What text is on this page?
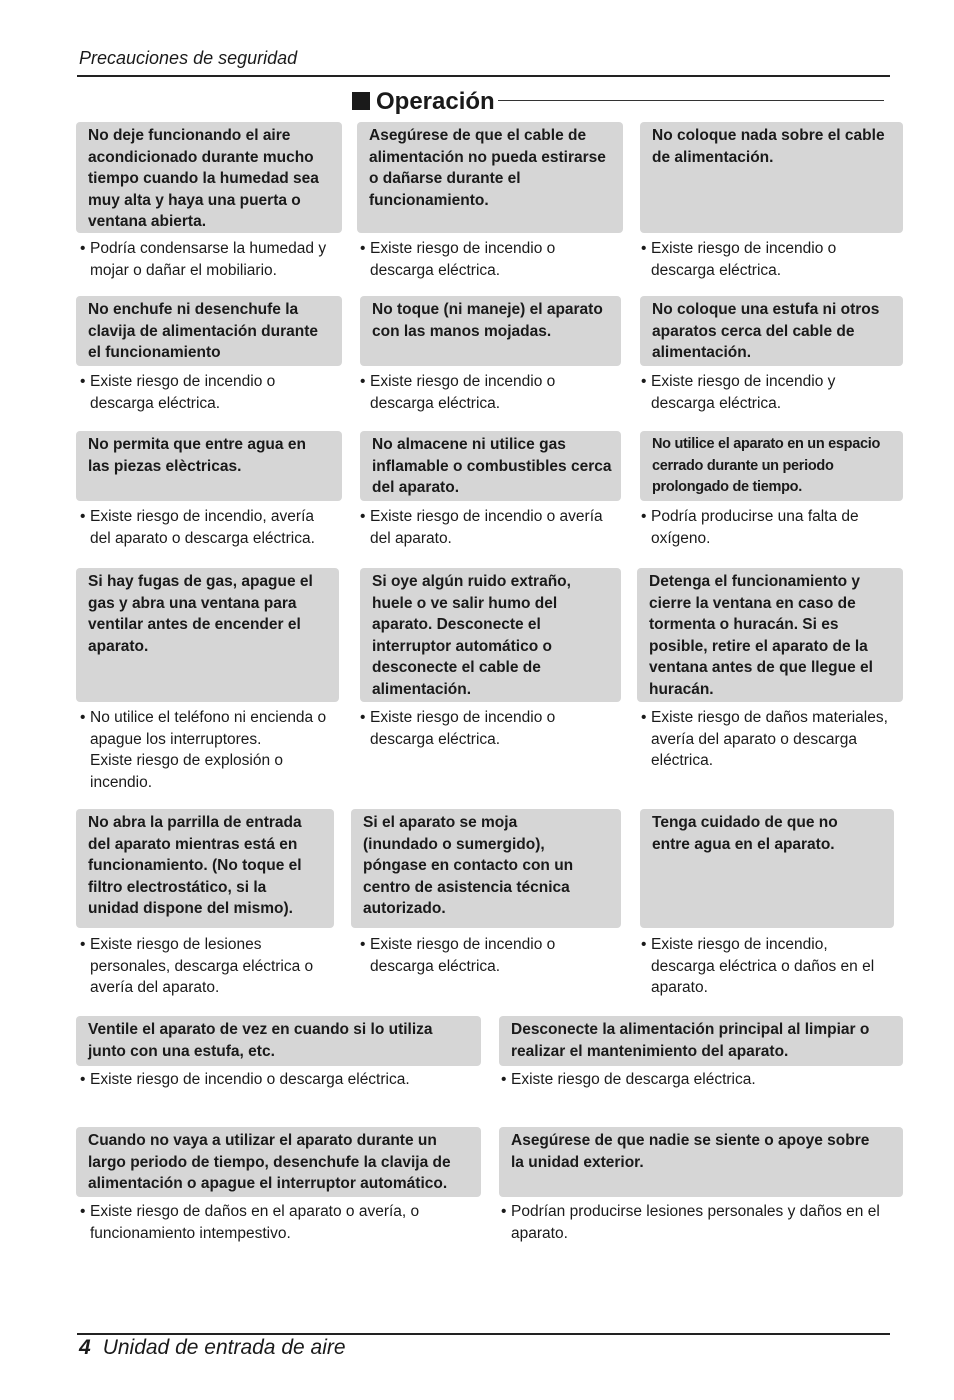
Precauciones de seguridad
Operación
No deje funcionando el aire
acondicionado durante mucho
tiempo cuando la humedad sea
muy alta y haya una puerta o
ventana abierta.
• Podría condensarse la humedad y
mojar o dañar el mobiliario.
Asegúrese de que el cable de
alimentación no pueda estirarse
o dañarse durante el
funcionamiento.
• Existe riesgo de incendio o
descarga eléctrica.
No coloque nada sobre el cable
de alimentación.
• Existe riesgo de incendio o
descarga eléctrica.
No enchufe ni desenchufe la
clavija de alimentación durante
el funcionamiento
• Existe riesgo de incendio o
descarga eléctrica.
No toque (ni maneje) el aparato
con las manos mojadas.
• Existe riesgo de incendio o
descarga eléctrica.
No coloque una estufa ni otros
aparatos cerca del cable de
alimentación.
• Existe riesgo de incendio y
descarga eléctrica.
No permita que entre agua en
las piezas elèctricas.
• Existe riesgo de incendio, avería
del aparato o descarga eléctrica.
No almacene ni utilice gas
inflamable o combustibles cerca
del aparato.
• Existe riesgo de incendio o avería
del aparato.
No utilice el aparato en un espacio
cerrado durante un periodo
prolongado de tiempo.
• Podría producirse una falta de
oxígeno.
Si hay fugas de gas, apague el
gas y abra una ventana para
ventilar antes de encender el
aparato.
• No utilice el teléfono ni encienda o
apague los interruptores.
Existe riesgo de explosión o
incendio.
Si oye algún ruido extraño,
huele o ve salir humo del
aparato. Desconecte el
interruptor automático o
desconecte el cable de
alimentación.
• Existe riesgo de incendio o
descarga eléctrica.
Detenga el funcionamiento y
cierre la ventana en caso de
tormenta o huracán. Si es
posible, retire el aparato de la
ventana antes de que llegue el
huracán.
• Existe riesgo de daños materiales,
avería del aparato o descarga
eléctrica.
No abra la parrilla de entrada
del aparato mientras está en
funcionamiento. (No toque el
filtro electrostático, si la
unidad dispone del mismo).
• Existe riesgo de lesiones
personales, descarga eléctrica o
avería del aparato.
Si el aparato se moja
(inundado o sumergido),
póngase en contacto con un
centro de asistencia técnica
autorizado.
• Existe riesgo de incendio o
descarga eléctrica.
Tenga cuidado de que no
entre agua en el aparato.
• Existe riesgo de incendio,
descarga eléctrica o daños en el
aparato.
Ventile el aparato de vez en cuando si lo utiliza
junto con una estufa, etc.
• Existe riesgo de incendio o descarga eléctrica.
Desconecte la alimentación principal al limpiar o
realizar el mantenimiento del aparato.
• Existe riesgo de descarga eléctrica.
Cuando no vaya a utilizar el aparato durante un
largo periodo de tiempo, desenchufe la clavija de
alimentación o apague el interruptor automático.
• Existe riesgo de daños en el aparato o avería, o
funcionamiento intempestivo.
Asegúrese de que nadie se siente o apoye sobre
la unidad exterior.
• Podrían producirse lesiones personales y daños en el
aparato.
4 Unidad de entrada de aire
